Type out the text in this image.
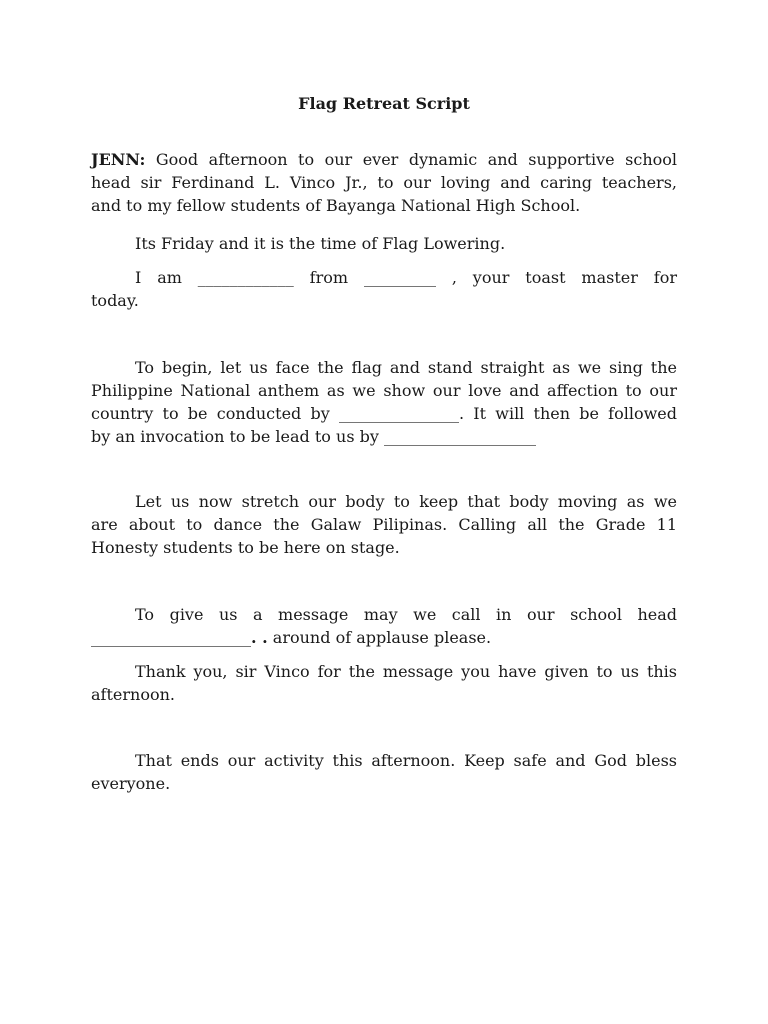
Flag Retreat Script
JENN: Good afternoon to our ever dynamic and supportive school
head sir Ferdinand L. Vinco Jr., to our loving and caring teachers,
and to my fellow students of Bayanga National High School.
Its Friday and it is the time of Flag Lowering.
I am ____________ from _________ , your toast master for
today.
To begin, let us face the flag and stand straight as we sing the
Philippine National anthem as we show our love and affection to our
country to be conducted by _______________. It will then be followed
by an invocation to be lead to us by ___________________
Let us now stretch our body to keep that body moving as we
are about to dance the Galaw Pilipinas. Calling all the Grade 11
Honesty students to be here on stage.
To give us a message may we call in our school head
____________________. . around of applause please.
Thank you, sir Vinco for the message you have given to us this
afternoon.
That ends our activity this afternoon. Keep safe and God bless
everyone.
